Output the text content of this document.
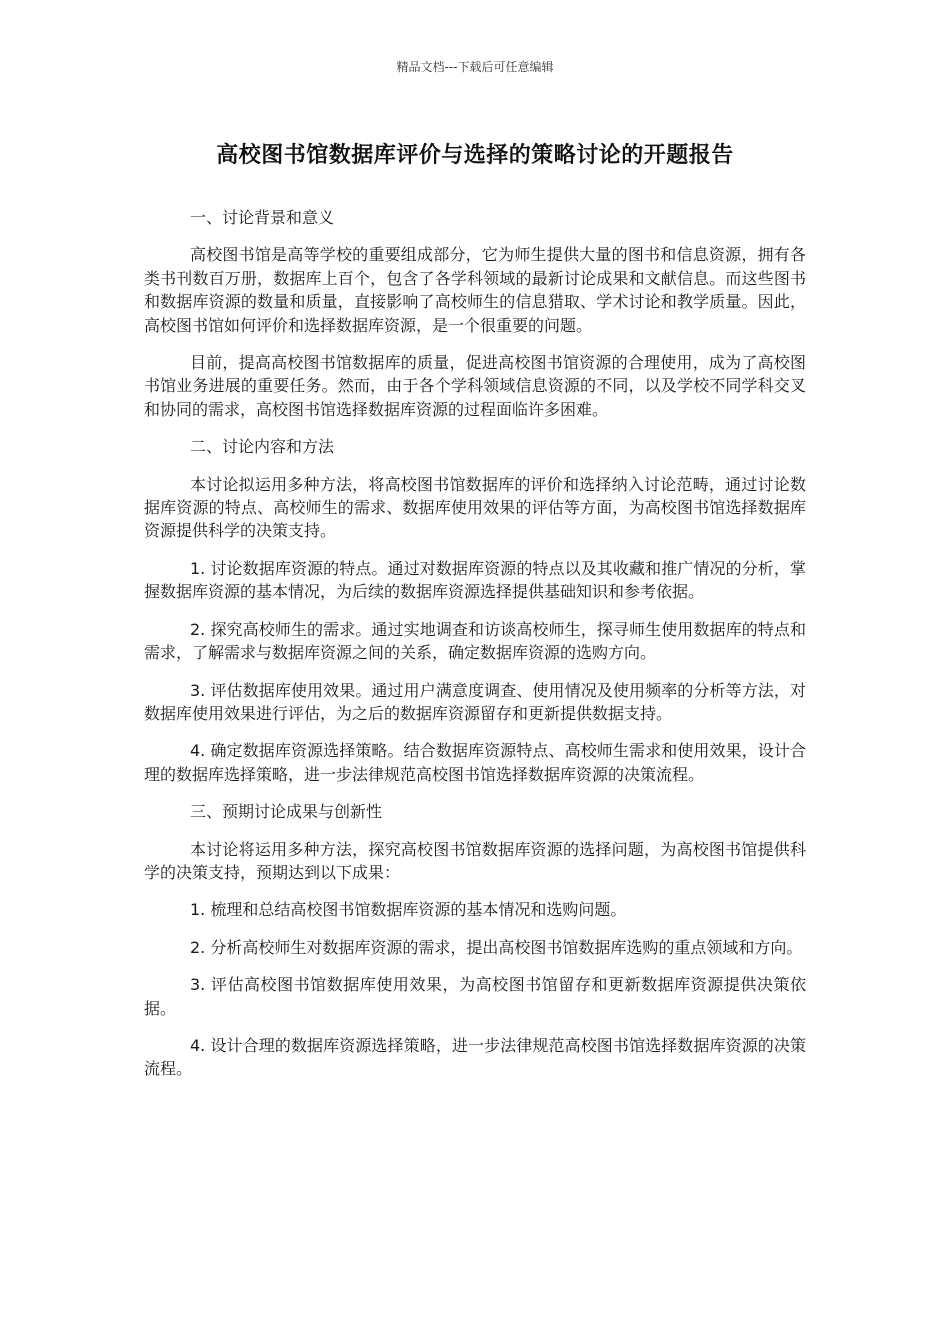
精品文档---下载后可任意编辑
高校图书馆数据库评价与选择的策略讨论的开题报告

一、讨论背景和意义

高校图书馆是高等学校的重要组成部分，它为师生提供大量的图书和信息资源，拥有各类书刊数百万册，数据库上百个，包含了各学科领域的最新讨论成果和文献信息。而这些图书和数据库资源的数量和质量，直接影响了高校师生的信息猎取、学术讨论和教学质量。因此，高校图书馆如何评价和选择数据库资源，是一个很重要的问题。

目前，提高高校图书馆数据库的质量，促进高校图书馆资源的合理使用，成为了高校图书馆业务进展的重要任务。然而，由于各个学科领域信息资源的不同，以及学校不同学科交叉和协同的需求，高校图书馆选择数据库资源的过程面临许多困难。

二、讨论内容和方法

本讨论拟运用多种方法，将高校图书馆数据库的评价和选择纳入讨论范畴，通过讨论数据库资源的特点、高校师生的需求、数据库使用效果的评估等方面，为高校图书馆选择数据库资源提供科学的决策支持。

1. 讨论数据库资源的特点。通过对数据库资源的特点以及其收藏和推广情况的分析，掌握数据库资源的基本情况，为后续的数据库资源选择提供基础知识和参考依据。

2. 探究高校师生的需求。通过实地调查和访谈高校师生，探寻师生使用数据库的特点和需求，了解需求与数据库资源之间的关系，确定数据库资源的选购方向。

3. 评估数据库使用效果。通过用户满意度调查、使用情况及使用频率的分析等方法，对数据库使用效果进行评估，为之后的数据库资源留存和更新提供数据支持。

4. 确定数据库资源选择策略。结合数据库资源特点、高校师生需求和使用效果，设计合理的数据库选择策略，进一步法律规范高校图书馆选择数据库资源的决策流程。

三、预期讨论成果与创新性

本讨论将运用多种方法，探究高校图书馆数据库资源的选择问题，为高校图书馆提供科学的决策支持，预期达到以下成果：

1. 梳理和总结高校图书馆数据库资源的基本情况和选购问题。

2. 分析高校师生对数据库资源的需求，提出高校图书馆数据库选购的重点领域和方向。

3. 评估高校图书馆数据库使用效果，为高校图书馆留存和更新数据库资源提供决策依据。

4. 设计合理的数据库资源选择策略，进一步法律规范高校图书馆选择数据库资源的决策流程。
